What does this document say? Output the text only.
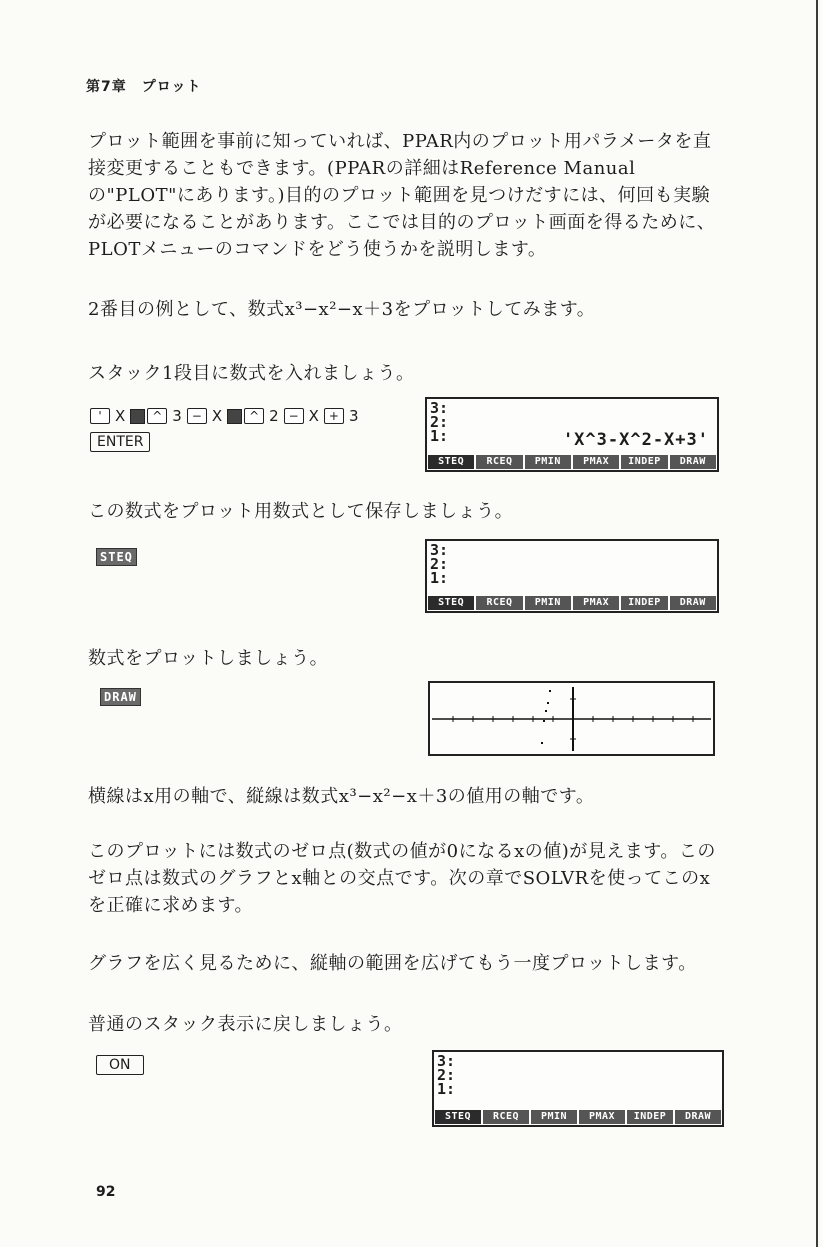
第7章　プロット
プロット範囲を事前に知っていれば、PPAR内のプロット用パラメータを直接変更することもできます。(PPARの詳細はReference Manualの"PLOT"にあります。)目的のプロット範囲を見つけだすには、何回も実験が必要になることがあります。ここでは目的のプロット画面を得るために、PLOTメニューのコマンドをどう使うかを説明します。
2番目の例として、数式x³−x²−x＋3をプロットしてみます。
スタック1段目に数式を入れましょう。
' X	^ 3 − X	^ 2 − X + 3
ENTER
3:
2:
1:	'X^3-X^2-X+3'
STEQ	RCEQ	PMIN	PMAX	INDEP	DRAW
この数式をプロット用数式として保存しましょう。
STEQ	3:
2:
1:
STEQ	RCEQ	PMIN	PMAX	INDEP	DRAW
数式をプロットしましょう。
DRAW
横線はx用の軸で、縦線は数式x³−x²−x＋3の値用の軸です。
このプロットには数式のゼロ点(数式の値が0になるxの値)が見えます。このゼロ点は数式のグラフとx軸との交点です。次の章でSOLVRを使ってこのxを正確に求めます。
グラフを広く見るために、縦軸の範囲を広げてもう一度プロットします。
普通のスタック表示に戻しましょう。
ON	3:
2:
1:
STEQ	RCEQ	PMIN	PMAX	INDEP	DRAW
92
